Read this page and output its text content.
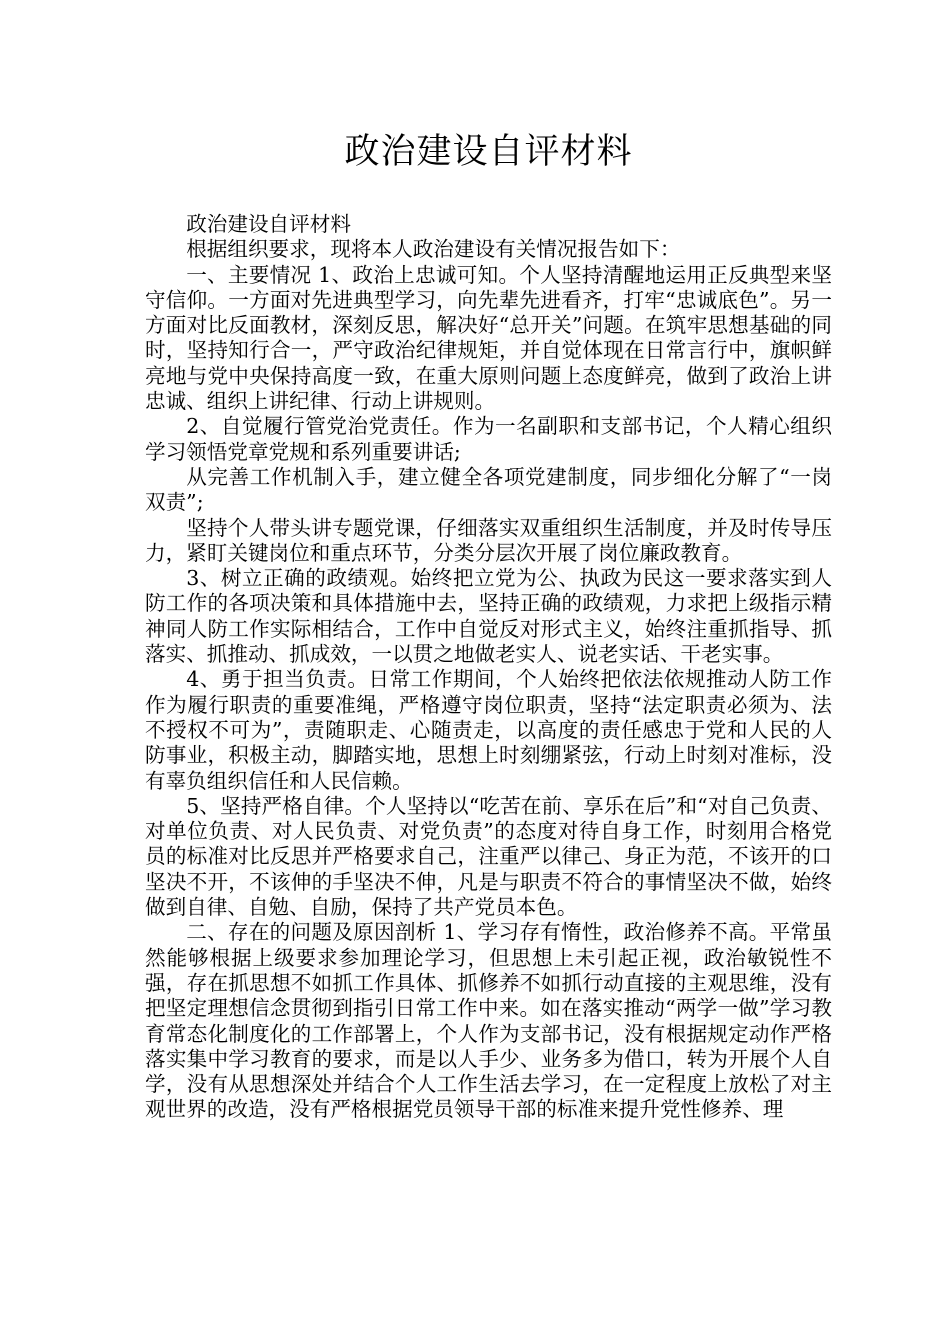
政治建设自评材料

政治建设自评材料

根据组织要求，现将本人政治建设有关情况报告如下：

一、主要情况 1、政治上忠诚可知。个人坚持清醒地运用正反典型来坚守信仰。一方面对先进典型学习，向先辈先进看齐，打牢“忠诚底色”。另一方面对比反面教材，深刻反思，解决好“总开关”问题。在筑牢思想基础的同时，坚持知行合一，严守政治纪律规矩，并自觉体现在日常言行中，旗帜鲜亮地与党中央保持高度一致，在重大原则问题上态度鲜亮，做到了政治上讲忠诚、组织上讲纪律、行动上讲规则。

2、自觉履行管党治党责任。作为一名副职和支部书记，个人精心组织学习领悟党章党规和系列重要讲话;

从完善工作机制入手，建立健全各项党建制度，同步细化分解了“一岗双责”;

坚持个人带头讲专题党课，仔细落实双重组织生活制度，并及时传导压力，紧盯关键岗位和重点环节，分类分层次开展了岗位廉政教育。

3、树立正确的政绩观。始终把立党为公、执政为民这一要求落实到人防工作的各项决策和具体措施中去，坚持正确的政绩观，力求把上级指示精神同人防工作实际相结合，工作中自觉反对形式主义，始终注重抓指导、抓落实、抓推动、抓成效，一以贯之地做老实人、说老实话、干老实事。

4、勇于担当负责。日常工作期间，个人始终把依法依规推动人防工作作为履行职责的重要准绳，严格遵守岗位职责，坚持“法定职责必须为、法不授权不可为”，责随职走、心随责走，以高度的责任感忠于党和人民的人防事业，积极主动，脚踏实地，思想上时刻绷紧弦，行动上时刻对准标，没有辜负组织信任和人民信赖。

5、坚持严格自律。个人坚持以“吃苦在前、享乐在后”和“对自己负责、对单位负责、对人民负责、对党负责”的态度对待自身工作，时刻用合格党员的标准对比反思并严格要求自己，注重严以律己、身正为范，不该开的口坚决不开，不该伸的手坚决不伸，凡是与职责不符合的事情坚决不做，始终做到自律、自勉、自励，保持了共产党员本色。

二、存在的问题及原因剖析 1、学习存有惰性，政治修养不高。平常虽然能够根据上级要求参加理论学习，但思想上未引起正视，政治敏锐性不强，存在抓思想不如抓工作具体、抓修养不如抓行动直接的主观思维，没有把坚定理想信念贯彻到指引日常工作中来。如在落实推动“两学一做”学习教育常态化制度化的工作部署上，个人作为支部书记，没有根据规定动作严格落实集中学习教育的要求，而是以人手少、业务多为借口，转为开展个人自学，没有从思想深处并结合个人工作生活去学习，在一定程度上放松了对主观世界的改造，没有严格根据党员领导干部的标准来提升党性修养、理
